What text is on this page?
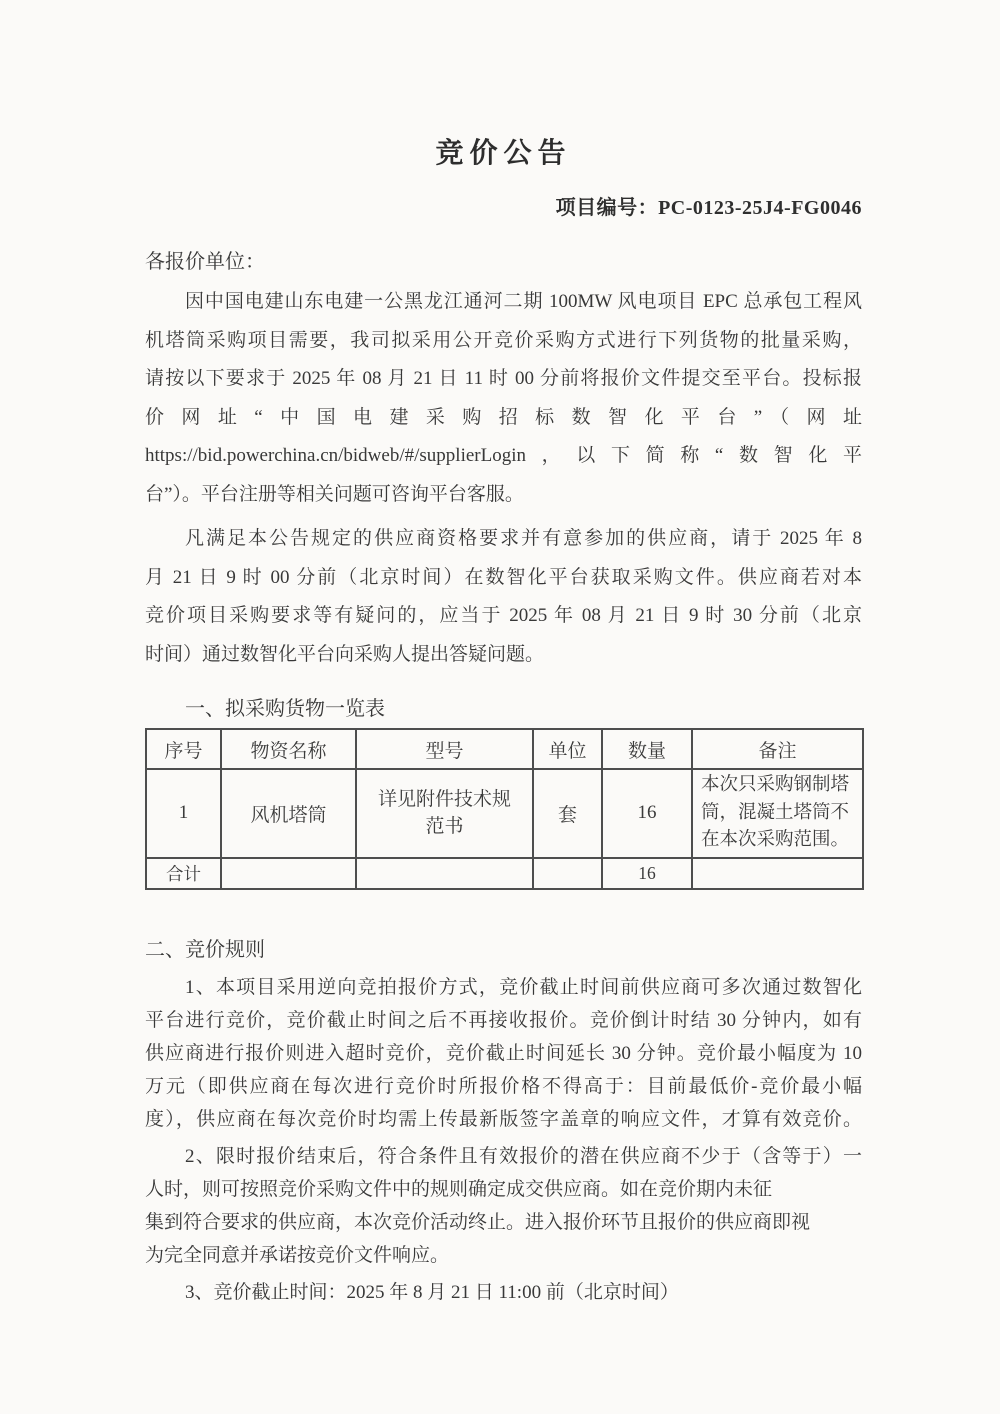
竞价公告
项目编号：PC-0123-25J4-FG0046
各报价单位：
因中国电建山东电建一公黑龙江通河二期 100MW 风电项目 EPC 总承包工程风
机塔筒采购项目需要，我司拟采用公开竞价采购方式进行下列货物的批量采购，
请按以下要求于 2025 年 08 月 21 日 11 时 00 分前将报价文件提交至平台。投标报
价网址“中国电建采购招标数智化平台”（网址
https://bid.powerchina.cn/bidweb/#/supplierLogin，以下简称“数智化平
台”）。平台注册等相关问题可咨询平台客服。
凡满足本公告规定的供应商资格要求并有意参加的供应商，请于 2025 年 8
月 21 日 9 时 00 分前（北京时间）在数智化平台获取采购文件。供应商若对本
竞价项目采购要求等有疑问的，应当于 2025 年 08 月 21 日 9 时 30 分前（北京
时间）通过数智化平台向采购人提出答疑问题。
一、拟采购货物一览表
序号	物资名称	型号	单位	数量	备注
1	风机塔筒	详见附件技术规范书	套	16	本次只采购钢制塔筒，混凝土塔筒不在本次采购范围。
合计				16	
二、竞价规则
1、本项目采用逆向竞拍报价方式，竞价截止时间前供应商可多次通过数智化
平台进行竞价，竞价截止时间之后不再接收报价。竞价倒计时结 30 分钟内，如有
供应商进行报价则进入超时竞价，竞价截止时间延长 30 分钟。竞价最小幅度为 10
万元（即供应商在每次进行竞价时所报价格不得高于：目前最低价-竞价最小幅
度），供应商在每次竞价时均需上传最新版签字盖章的响应文件，才算有效竞价。
2、限时报价结束后，符合条件且有效报价的潜在供应商不少于（含等于）一
人时，则可按照竞价采购文件中的规则确定成交供应商。如在竞价期内未征
集到符合要求的供应商，本次竞价活动终止。进入报价环节且报价的供应商即视
为完全同意并承诺按竞价文件响应。
3、竞价截止时间：2025 年 8 月 21 日 11:00 前（北京时间）
